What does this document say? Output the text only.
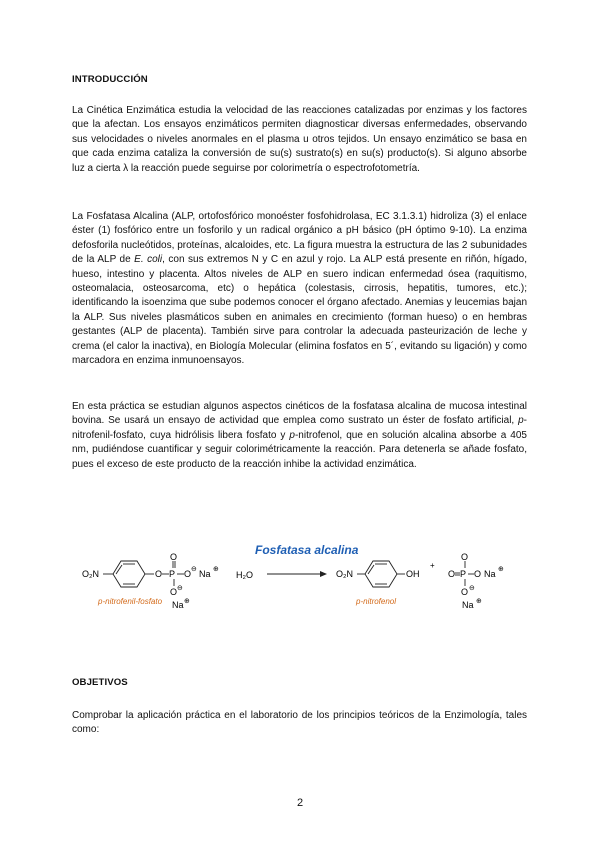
INTRODUCCIÓN

La Cinética Enzimática estudia la velocidad de las reacciones catalizadas por enzimas y los factores que la afectan. Los ensayos enzimáticos permiten diagnosticar diversas enfermedades, observando sus velocidades o niveles anormales en el plasma u otros tejidos. Un ensayo enzimático se basa en que cada enzima cataliza la conversión de su(s) sustrato(s) en su(s) producto(s). Si alguno absorbe luz a cierta λ la reacción puede seguirse por colorimetría o espectrofotometría.

La Fosfatasa Alcalina (ALP, ortofosfórico monoéster fosfohidrolasa, EC 3.1.3.1) hidroliza (3) el enlace éster (1) fosfórico entre un fosforilo y un radical orgánico a pH básico (pH óptimo 9-10). La enzima defosforila nucleótidos, proteínas, alcaloides, etc. La figura muestra la estructura de las 2 subunidades de la ALP de E. coli, con sus extremos N y C en azul y rojo. La ALP está presente en riñón, hígado, hueso, intestino y placenta. Altos niveles de ALP en suero indican enfermedad ósea (raquitismo, osteomalacia, osteosarcoma, etc) o hepática (colestasis, cirrosis, hepatitis, tumores, etc.); identificando la isoenzima que sube podemos conocer el órgano afectado. Anemias y leucemias bajan la ALP. Sus niveles plasmáticos suben en animales en crecimiento (forman hueso) o en hembras gestantes (ALP de placenta). También sirve para controlar la adecuada pasteurización de leche y crema (el calor la inactiva), en Biología Molecular (elimina fosfatos en 5´, evitando su ligación) y como marcadora en enzima inmunoensayos.

En esta práctica se estudian algunos aspectos cinéticos de la fosfatasa alcalina de mucosa intestinal bovina. Se usará un ensayo de actividad que emplea como sustrato un éster de fosfato artificial, p-nitrofenil-fosfato, cuya hidrólisis libera fosfato y p-nitrofenol, que en solución alcalina absorbe a 405 nm, pudiéndose cuantificar y seguir colorimétricamente la reacción. Para detenerla se añade fosfato, pues el exceso de este producto de la reacción inhibe la actividad enzimática.

Fosfatasa alcalina
O₂N	O P
O
O ⊖ Na ⊕
O ⊖
Na ⊕
p-nitrofenil-fosfato
H₂O	O₂N	OH
p-nitrofenol
+
O P
O
O Na ⊕
O ⊖
Na ⊕
OBJETIVOS

Comprobar la aplicación práctica en el laboratorio de los principios teóricos de la Enzimología, tales como:

2
